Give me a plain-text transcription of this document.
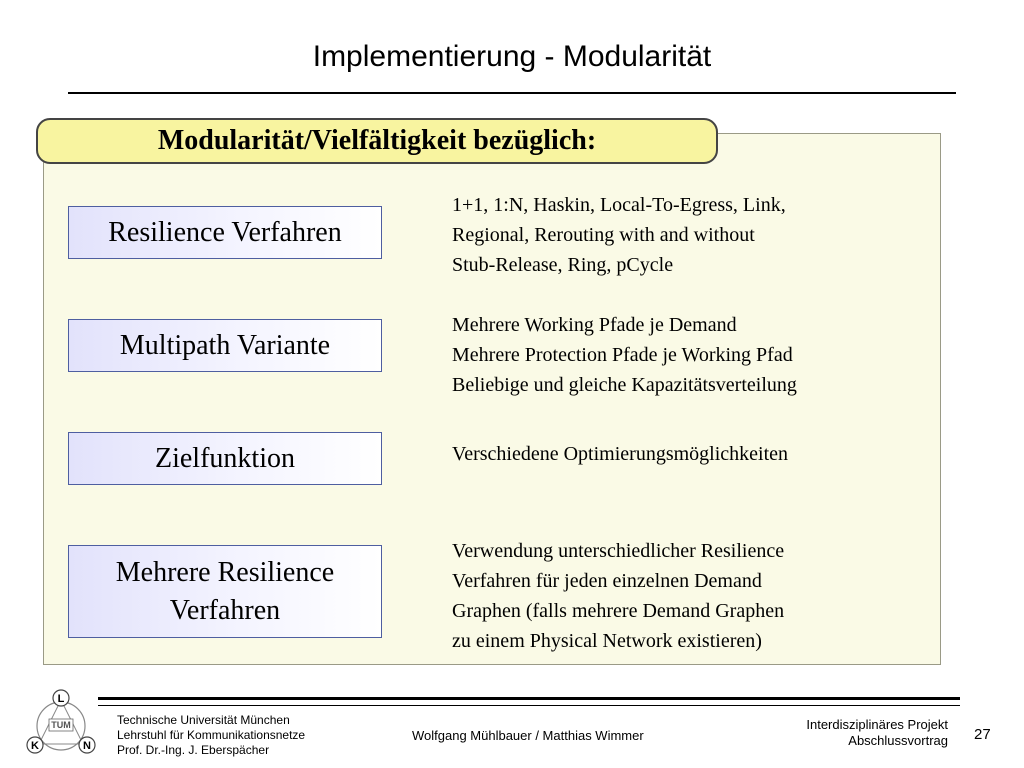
Implementierung - Modularität
Modularität/Vielfältigkeit bezüglich:
Resilience Verfahren
1+1, 1:N, Haskin, Local-To-Egress, Link,
Regional, Rerouting with and without
Stub-Release, Ring, pCycle
Multipath Variante
Mehrere Working Pfade je Demand
Mehrere Protection Pfade je Working Pfad
Beliebige und gleiche Kapazitätsverteilung
Zielfunktion	Verschiedene Optimierungsmöglichkeiten
Mehrere Resilience
Verfahren
Verwendung unterschiedlicher Resilience
Verfahren für jeden einzelnen Demand
Graphen (falls mehrere Demand Graphen
zu einem Physical Network existieren)
L
K	N
TUM	Technische Universität München
Lehrstuhl für Kommunikationsnetze
Prof. Dr.-Ing. J. Eberspächer
Wolfgang Mühlbauer / Matthias Wimmer
Interdisziplinäres Projekt
Abschlussvortrag 27
